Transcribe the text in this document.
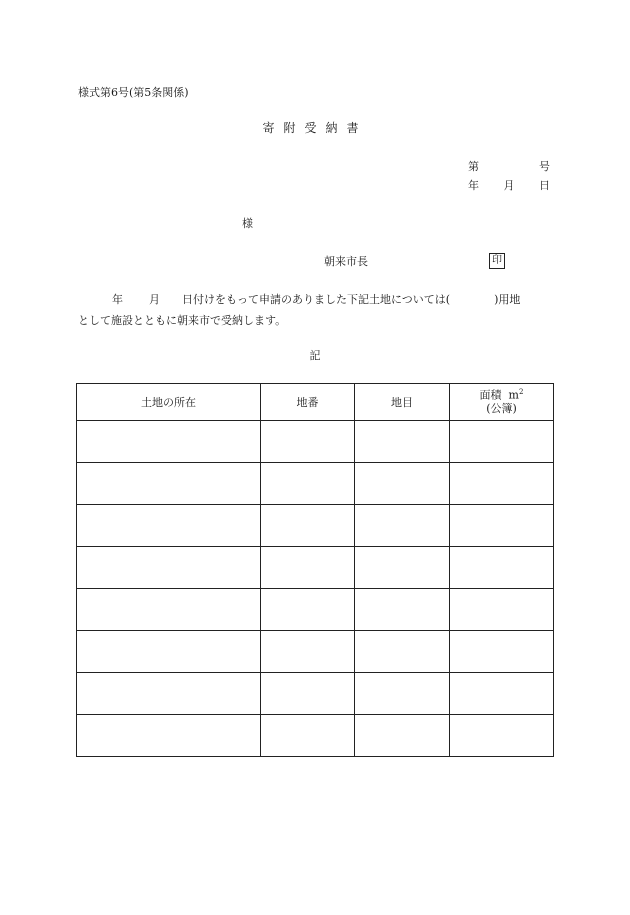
様式第6号(第5条関係)
寄附受納書
第	号
年 月 日
様
朝来市長	印
年 月 日付けをもって申請のありました下記土地については(	)用地
として施設とともに朝来市で受納します。
記
土地の所在	地番	地目	面積 $m^2$
(公簿)
